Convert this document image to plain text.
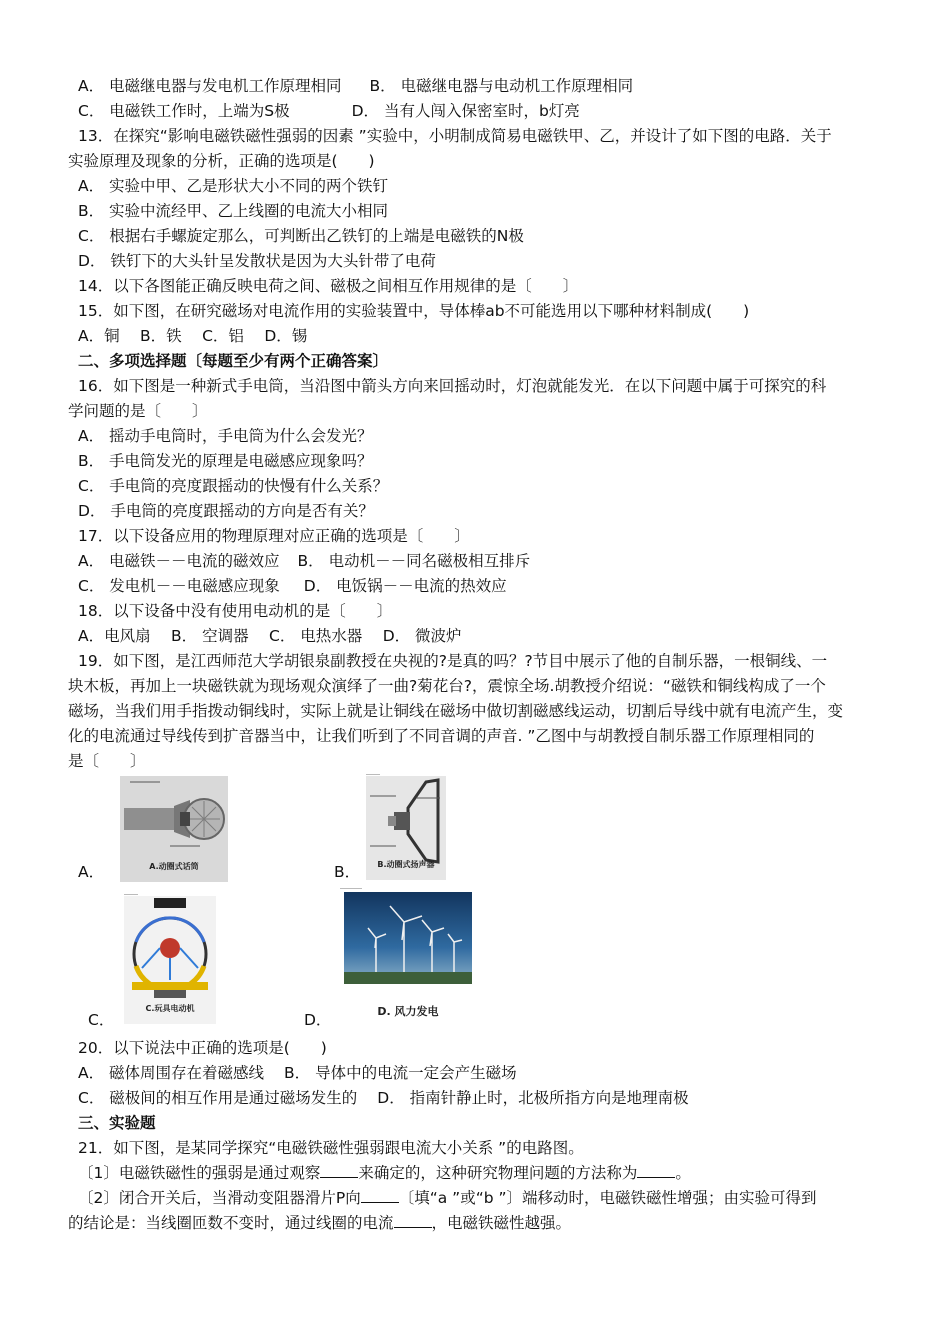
A． 电磁继电器与发电机工作原理相同 B． 电磁继电器与电动机工作原理相同
C． 电磁铁工作时，上端为S极	D． 当有人闯入保密室时，b灯亮
13．在探究“影响电磁铁磁性强弱的因素 ”实验中，小明制成简易电磁铁甲、乙，并设计了如下图的电路．关于
实验原理及现象的分析，正确的选项是(　　)
A． 实验中甲、乙是形状大小不同的两个铁钉
B． 实验中流经甲、乙上线圈的电流大小相同
C． 根据右手螺旋定那么，可判断出乙铁钉的上端是电磁铁的N极
D． 铁钉下的大头针呈发散状是因为大头针带了电荷
14．以下各图能正确反映电荷之间、磁极之间相互作用规律的是〔　　〕
15．如下图，在研究磁场对电流作用的实验装置中，导体棒ab不可能选用以下哪种材料制成(　　)
A．铜　 B．铁　 C．铝　 D．锡
二、多项选择题〔每题至少有两个正确答案〕
16．如下图是一种新式手电筒，当沿图中箭头方向来回摇动时，灯泡就能发光．在以下问题中属于可探究的科
学问题的是〔　　〕
A． 摇动手电筒时，手电筒为什么会发光？
B． 手电筒发光的原理是电磁感应现象吗？
C． 手电筒的亮度跟摇动的快慢有什么关系？
D． 手电筒的亮度跟摇动的方向是否有关？
17．以下设备应用的物理原理对应正确的选项是〔　　〕
A． 电磁铁－－电流的磁效应 B． 电动机－－同名磁极相互排斥
C． 发电机－－电磁感应现象 D． 电饭锅－－电流的热效应
18．以下设备中没有使用电动机的是〔　　〕
A．电风扇　 B． 空调器　 C． 电热水器　 D． 微波炉
19．如下图，是江西师范大学胡银泉副教授在央视的?是真的吗？?节目中展示了他的自制乐器，一根铜线、一
块木板，再加上一块磁铁就为现场观众演绎了一曲?菊花台?，震惊全场.胡教授介绍说：“磁铁和铜线构成了一个
磁场，当我们用手指拨动铜线时，实际上就是让铜线在磁场中做切割磁感线运动，切割后导线中就有电流产生，变
化的电流通过导线传到扩音器当中，让我们听到了不同音调的声音. ”乙图中与胡教授自制乐器工作原理相同的
是〔　　〕
A．	A.动圈式话筒	B．	B.动圈式扬声器
C．
C.玩具电动机
D．	D. 风力发电
20．以下说法中正确的选项是(　　)
A． 磁体周围存在着磁感线 B． 导体中的电流一定会产生磁场
C． 磁极间的相互作用是通过磁场发生的 D． 指南针静止时，北极所指方向是地理南极
三、实验题
21．如下图，是某同学探究“电磁铁磁性强弱跟电流大小关系 ”的电路图。
〔1〕电磁铁磁性的强弱是通过观察 来确定的，这种研究物理问题的方法称为 。
〔2〕闭合开关后，当滑动变阻器滑片P向 〔填“a ”或“b ”〕端移动时，电磁铁磁性增强；由实验可得到
的结论是：当线圈匝数不变时，通过线圈的电流 ，电磁铁磁性越强。
